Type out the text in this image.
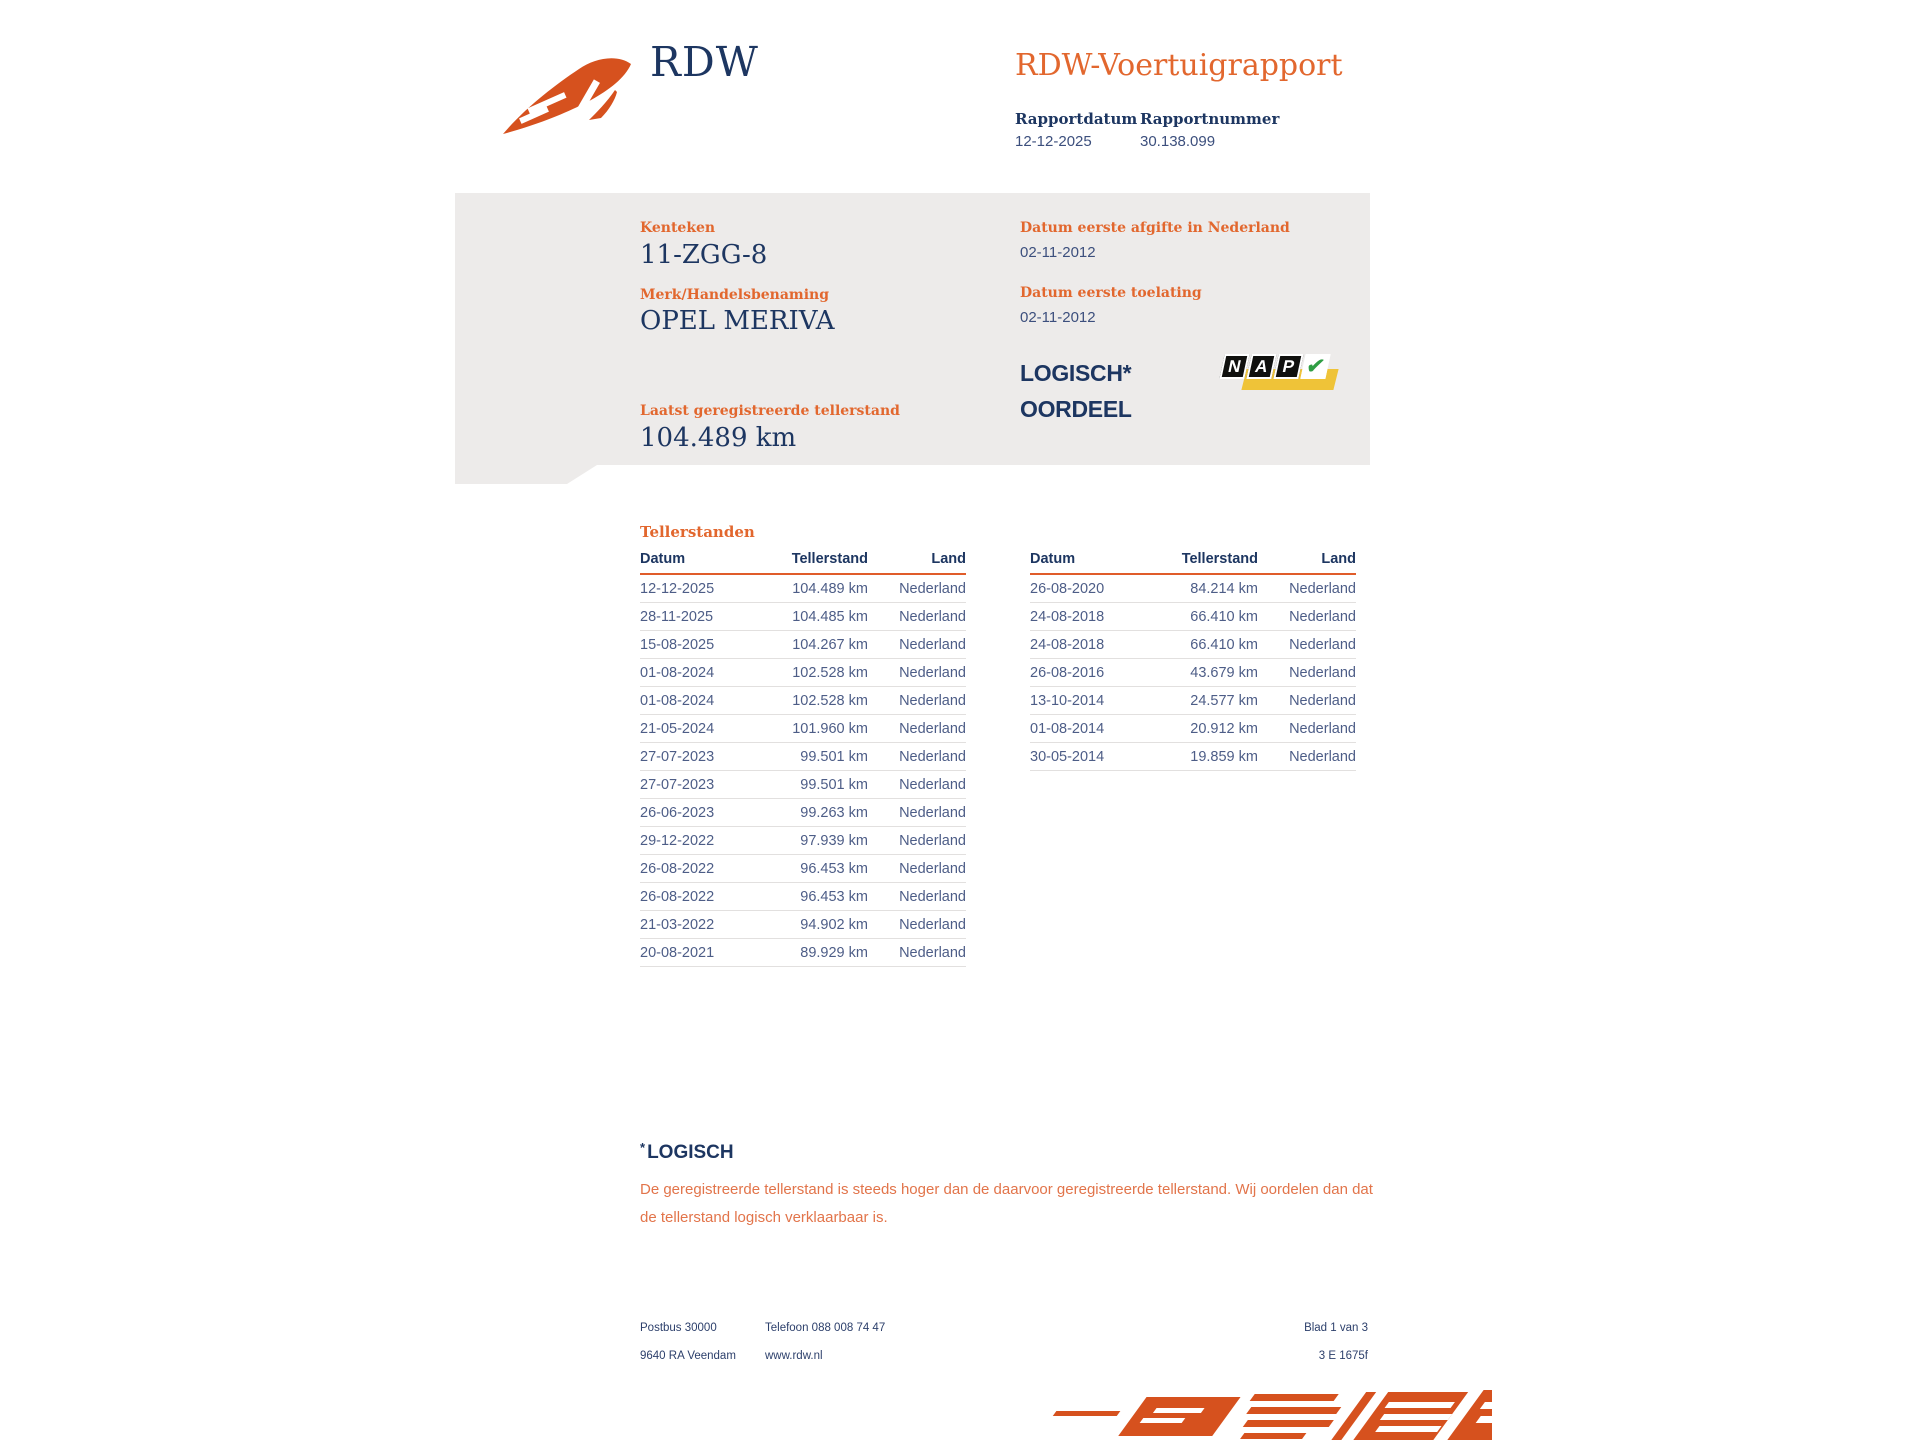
RDW	RDW-Voertuigrapport
Rapportdatum Rapportnummer
12-12-2025	30.138.099
Kenteken
11-ZGG-8
Merk/Handelsbenaming
OPEL MERIVA
Laatst geregistreerde tellerstand
104.489 km
Datum eerste afgifte in Nederland
02-11-2012
Datum eerste toelating
02-11-2012
LOGISCH*
OORDEEL
N A P ✔
Tellerstanden
Datum	Tellerstand	Land
12-12-2025	104.489 km	Nederland
28-11-2025	104.485 km	Nederland
15-08-2025	104.267 km	Nederland
01-08-2024	102.528 km	Nederland
01-08-2024	102.528 km	Nederland
21-05-2024	101.960 km	Nederland
27-07-2023	99.501 km	Nederland
27-07-2023	99.501 km	Nederland
26-06-2023	99.263 km	Nederland
29-12-2022	97.939 km	Nederland
26-08-2022	96.453 km	Nederland
26-08-2022	96.453 km	Nederland
21-03-2022	94.902 km	Nederland
20-08-2021	89.929 km	Nederland
Datum	Tellerstand	Land
26-08-2020	84.214 km	Nederland
24-08-2018	66.410 km	Nederland
24-08-2018	66.410 km	Nederland
26-08-2016	43.679 km	Nederland
13-10-2014	24.577 km	Nederland
01-08-2014	20.912 km	Nederland
30-05-2014	19.859 km	Nederland
* LOGISCH
De geregistreerde tellerstand is steeds hoger dan de daarvoor geregistreerde tellerstand. Wij oordelen dan dat de tellerstand logisch verklaarbaar is.
Postbus 30000
9640 RA Veendam
Telefoon 088 008 74 47
www.rdw.nl
Blad 1 van 3
3 E 1675f
